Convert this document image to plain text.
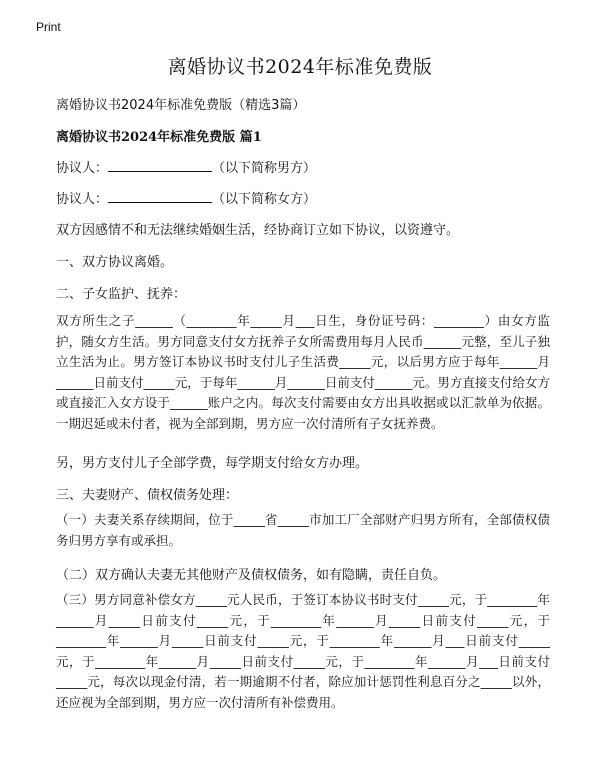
Print
离婚协议书2024年标准免费版
离婚协议书2024年标准免费版（精选3篇）
离婚协议书2024年标准免费版 篇1
协议人：	（以下简称男方）
协议人：	（以下简称女方）
双方因感情不和无法继续婚姻生活，经协商订立如下协议，以资遵守。
一、双方协议离婚。
二、子女监护、抚养：
双方所生之子______（________年_____月___日生，身份证号码：________）由女方监护，随女方生活。男方同意支付女方抚养子女所需费用每月人民币______元整，至儿子独立生活为止。男方签订本协议书时支付儿子生活费_____元，以后男方应于每年______月______日前支付_____元，于每年______月______日前支付______元。男方直接支付给女方或直接汇入女方设于______账户之内。每次支付需要由女方出具收据或以汇款单为依据。一期迟延或未付者，视为全部到期，男方应一次付清所有子女抚养费。
另，男方支付儿子全部学费，每学期支付给女方办理。
三、夫妻财产、债权债务处理：
（一）夫妻关系存续期间，位于_____省_____市加工厂全部财产归男方所有，全部债权债务归男方享有或承担。
（二）双方确认夫妻无其他财产及债权债务，如有隐瞒，责任自负。
（三）男方同意补偿女方_____元人民币，于签订本协议书时支付_____元，于________年______月_____日前支付_____元，于________年______月_____日前支付_____元，于________年______月_____日前支付_____元，于________年______月___日前支付_____元，于________年______月_____日前支付_____元，于________年______月___日前支付_____元，每次以现金付清，若一期逾期不付者，除应加计惩罚性利息百分之_____以外，还应视为全部到期，男方应一次付清所有补偿费用。
